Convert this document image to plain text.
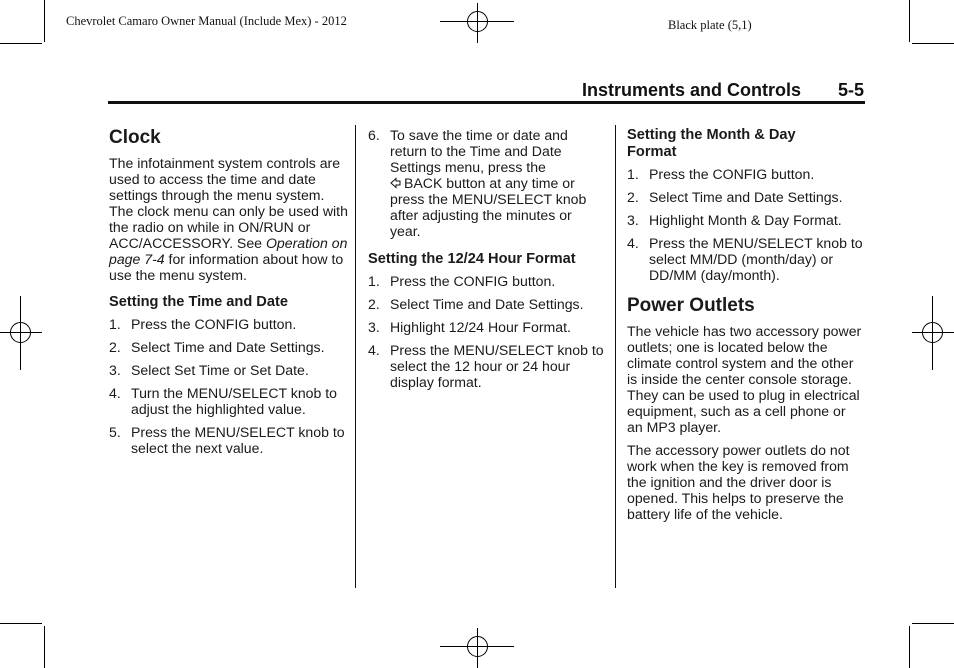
Chevrolet Camaro Owner Manual (Include Mex) - 2012	Black plate (5,1)
Instruments and Controls 5-5
Clock

The infotainment system controls are used to access the time and date settings through the menu system. The clock menu can only be used with the radio on while in ON/RUN or ACC/ACCESSORY. See Operation on page 7-4 for information about how to use the menu system.

Setting the Time and Date
1. Press the CONFIG button.
2. Select Time and Date Settings.
3. Select Set Time or Set Date.
4. Turn the MENU/SELECT knob to adjust the highlighted value.
5. Press the MENU/SELECT knob to select the next value.
6. To save the time or date and return to the Time and Date Settings menu, press the
BACK button at any time or press the MENU/SELECT knob after adjusting the minutes or year.
Setting the 12/24 Hour Format
1. Press the CONFIG button.
2. Select Time and Date Settings.
3. Highlight 12/24 Hour Format.
4. Press the MENU/SELECT knob to select the 12 hour or 24 hour display format.
Setting the Month & Day Format
1. Press the CONFIG button.
2. Select Time and Date Settings.
3. Highlight Month & Day Format.
4. Press the MENU/SELECT knob to select MM/DD (month/day) or DD/MM (day/month).
Power Outlets

The vehicle has two accessory power outlets; one is located below the climate control system and the other is inside the center console storage. They can be used to plug in electrical equipment, such as a cell phone or an MP3 player.

The accessory power outlets do not work when the key is removed from the ignition and the driver door is opened. This helps to preserve the battery life of the vehicle.
